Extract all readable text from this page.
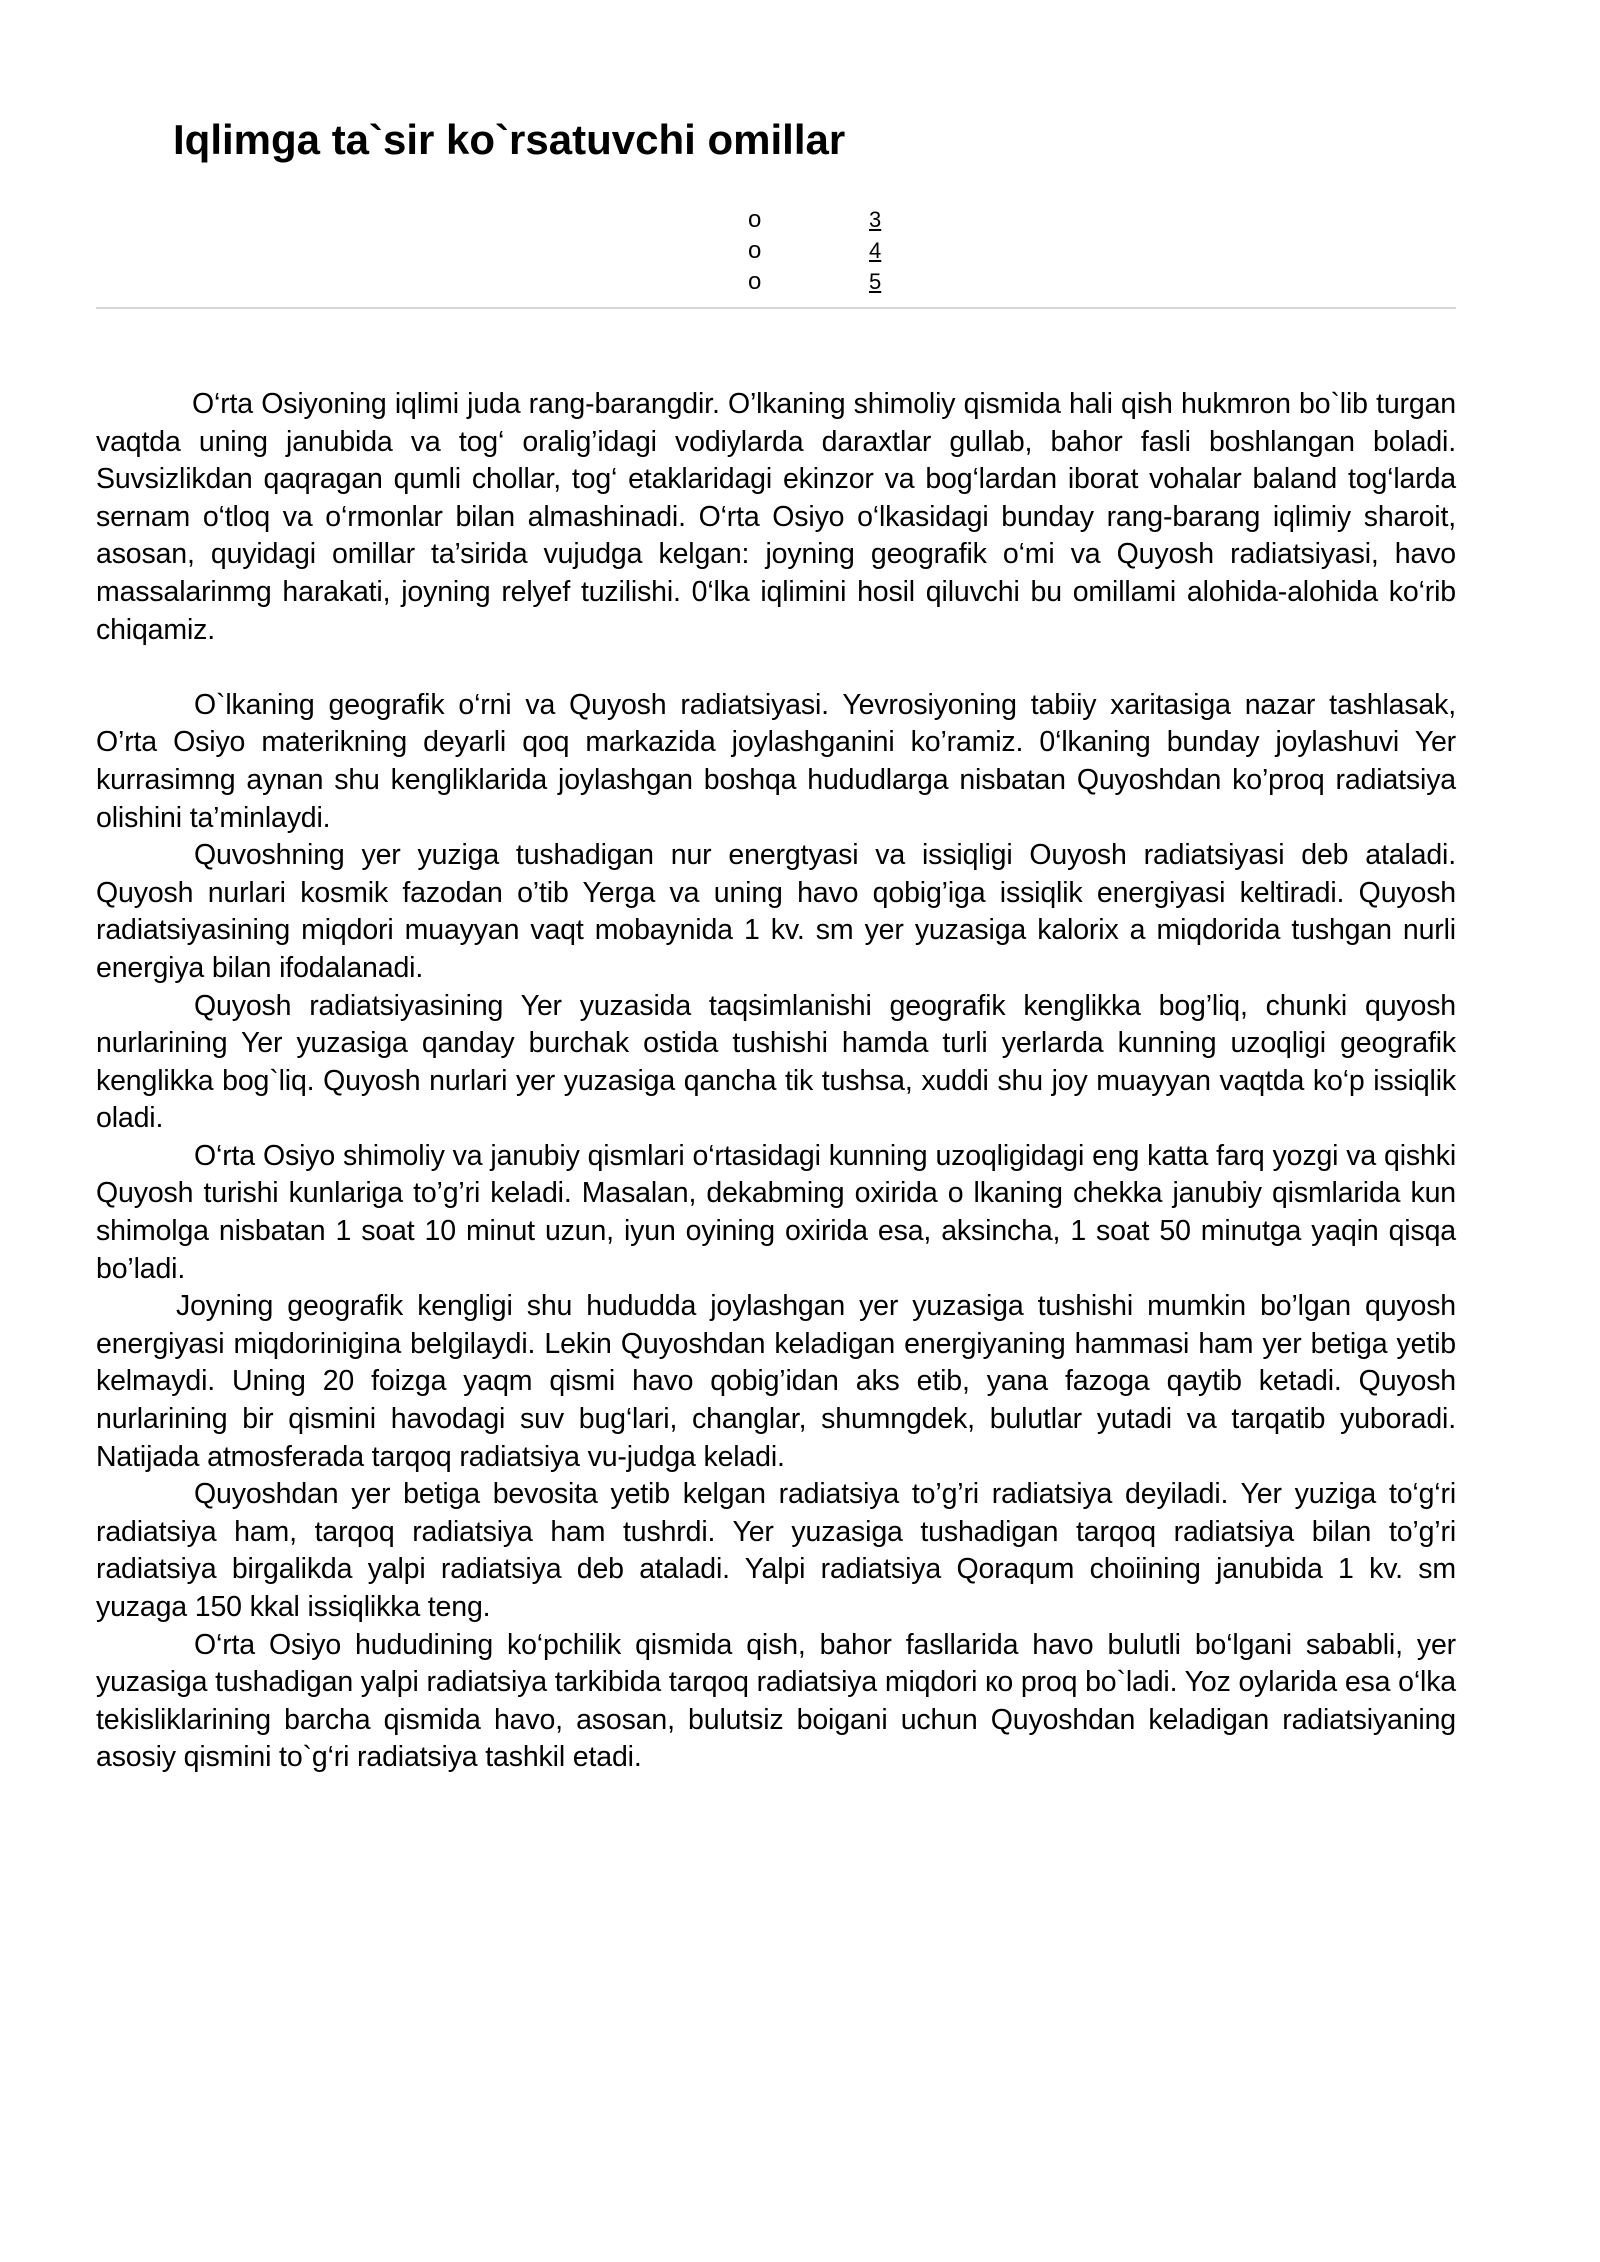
Iqlimga ta`sir ko`rsatuvchi omillar
o	3
o	4
o	5

O‘rta Osiyoning iqlimi juda rang-barangdir. O’lkaning shimoliy qismida hali qish hukmron bo`lib turgan vaqtda uning janubida va tog‘ oralig’idagi vodiylarda daraxtlar gullab, bahor fasli boshlangan boladi. Suvsizlikdan qaqragan qumli chollar, tog‘ etaklaridagi ekinzor va bog‘lardan iborat vohalar baland tog‘larda sernam o‘tloq va o‘rmonlar bilan almashinadi. O‘rta Osiyo o‘lkasidagi bunday rang-barang iqlimiy sharoit, asosan, quyidagi omillar ta’sirida vujudga kelgan: joyning geografik o‘mi va Quyosh radiatsiyasi, havo massalarinmg harakati, joyning relyef tuzilishi. 0‘lka iqlimini hosil qiluvchi bu omillami alohida-alohida ko‘rib chiqamiz.

O`lkaning geografik o‘rni va Quyosh radiatsiyasi. Yevrosiyoning tabiiy xaritasiga nazar tashlasak, O’rta Osiyo materikning deyarli qoq markazida joylashganini ko’ramiz. 0‘lkaning bunday joylashuvi Yer kurrasimng aynan shu kengliklarida joylashgan boshqa hududlarga nisbatan Quyoshdan ko’proq radiatsiya olishini ta’minlaydi.

Quvoshning yer yuziga tushadigan nur energtyasi va issiqligi Ouyosh radiatsiyasi deb ataladi. Quyosh nurlari kosmik fazodan o’tib Yerga va uning havo qobig’iga issiqlik energiyasi keltiradi. Quyosh radiatsiyasining miqdori muayyan vaqt mobaynida 1 kv. sm yer yuzasiga kalorix a miqdorida tushgan nurli energiya bilan ifodalanadi.

Quyosh radiatsiyasining Yer yuzasida taqsimlanishi geografik kenglikka bog’liq, chunki quyosh nurlarining Yer yuzasiga qanday burchak ostida tushishi hamda turli yerlarda kunning uzoqligi geografik kenglikka bog`liq. Quyosh nurlari yer yuzasiga qancha tik tushsa, xuddi shu joy muayyan vaqtda ko‘p issiqlik oladi.

O‘rta Osiyo shimoliy va janubiy qismlari o‘rtasidagi kunning uzoqligidagi eng katta farq yozgi va qishki Quyosh turishi kunlariga to’g’ri keladi. Masalan, dekabming oxirida o lkaning chekka janubiy qismlarida kun shimolga nisbatan 1 soat 10 minut uzun, iyun oyining oxirida esa, aksincha, 1 soat 50 minutga yaqin qisqa bo’ladi.

Joyning geografik kengligi shu hududda joylashgan yer yuzasiga tushishi mumkin bo’lgan quyosh energiyasi miqdorinigina belgilaydi. Lekin Quyoshdan keladigan energiyaning hammasi ham yer betiga yetib kelmaydi. Uning 20 foizga yaqm qismi havo qobig’idan aks etib, yana fazoga qaytib ketadi. Quyosh nurlarining bir qismini havodagi suv bug‘lari, changlar, shumngdek, bulutlar yutadi va tarqatib yuboradi. Natijada atmosferada tarqoq radiatsiya vu-judga keladi.

Quyoshdan yer betiga bevosita yetib kelgan radiatsiya to’g’ri radiatsiya deyiladi. Yer yuziga to‘g‘ri radiatsiya ham, tarqoq radiatsiya ham tushrdi. Yer yuzasiga tushadigan tarqoq radiatsiya bilan to’g’ri radiatsiya birgalikda yalpi radiatsiya deb ataladi. Yalpi radiatsiya Qoraqum choiining janubida 1 kv. sm yuzaga 150 kkal issiqlikka teng.

O‘rta Osiyo hududining ko‘pchilik qismida qish, bahor fasllarida havo bulutli bo‘lgani sababli, yer yuzasiga tushadigan yalpi radiatsiya tarkibida tarqoq radiatsiya miqdori кo proq bo`ladi. Yoz oylarida esa o‘lka tekisliklarining barcha qismida havo, asosan, bulutsiz boigani uchun Quyoshdan keladigan radiatsiyaning asosiy qismini to`g‘ri radiatsiya tashkil etadi.
